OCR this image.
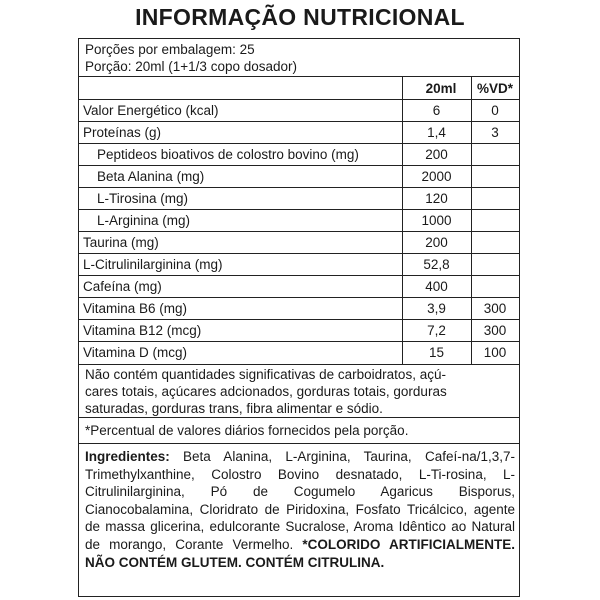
INFORMAÇÃO NUTRICIONAL
Porções por embalagem: 25
Porção: 20ml (1+1/3 copo dosador)
20ml	%VD*
Valor Energético (kcal)	6	0
Proteínas (g)	1,4	3
Peptideos bioativos de colostro bovino (mg)	200
Beta Alanina (mg)	2000
L-Tirosina (mg)	120
L-Arginina (mg)	1000
Taurina (mg)	200
L-Citrulinilarginina (mg)	52,8
Cafeína (mg)	400
Vitamina B6 (mg)	3,9	300
Vitamina B12 (mcg)	7,2	300
Vitamina D (mcg)	15	100
Não contém quantidades significativas de carboidratos, açú-
cares totais, açúcares adcionados, gorduras totais, gorduras
saturadas, gorduras trans, fibra alimentar e sódio.
*Percentual de valores diários fornecidos pela porção.
Ingredientes: Beta Alanina, L-Arginina, Taurina, Cafeí-na/1,3,7-Trimethylxanthine, Colostro Bovino desnatado, L-Ti-rosina, L-Citrulinilarginina, Pó de Cogumelo Agaricus Bisporus, Cianocobalamina, Cloridrato de Piridoxina, Fosfato Tricálcico, agente de massa glicerina, edulcorante Sucralose, Aroma Idêntico ao Natural de morango, Corante Vermelho. *COLORIDO ARTIFICIALMENTE. NÃO CONTÉM GLUTEM. CONTÉM CITRULINA.
